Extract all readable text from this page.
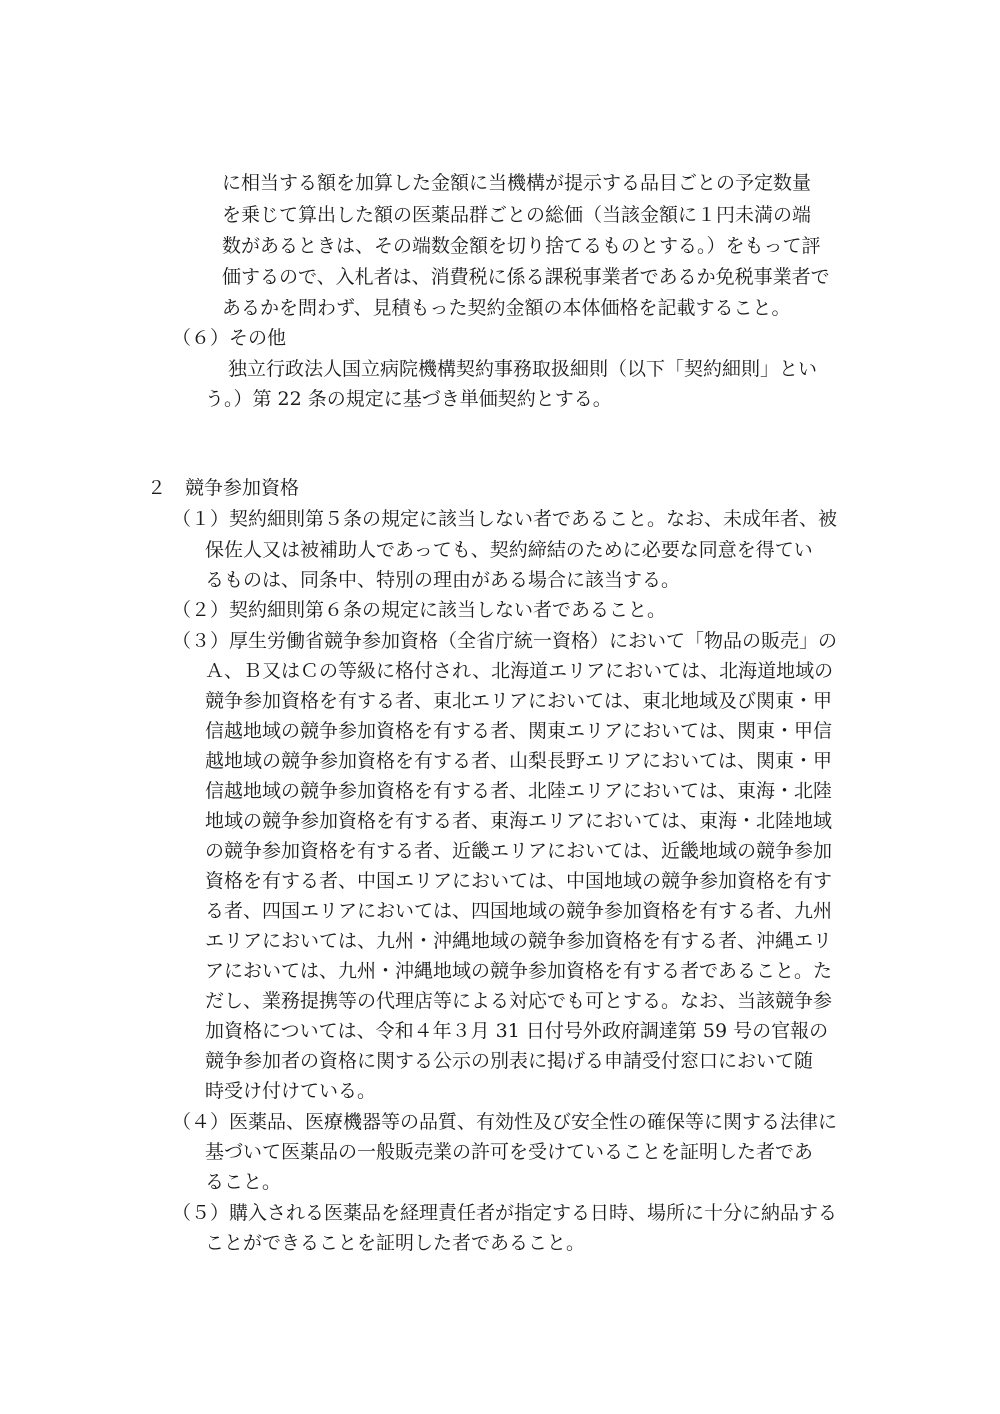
に相当する額を加算した金額に当機構が提示する品目ごとの予定数量
を乗じて算出した額の医薬品群ごとの総価（当該金額に１円未満の端
数があるときは、その端数金額を切り捨てるものとする。）をもって評
価するので、入札者は、消費税に係る課税事業者であるか免税事業者で
あるかを問わず、見積もった契約金額の本体価格を記載すること。
（６）その他
独立行政法人国立病院機構契約事務取扱細則（以下「契約細則」とい
う。）第 22 条の規定に基づき単価契約とする。
２　競争参加資格
（１）契約細則第５条の規定に該当しない者であること。なお、未成年者、被
保佐人又は被補助人であっても、契約締結のために必要な同意を得てい
るものは、同条中、特別の理由がある場合に該当する。
（２）契約細則第６条の規定に該当しない者であること。
（３）厚生労働省競争参加資格（全省庁統一資格）において「物品の販売」の
Ａ、Ｂ又はＣの等級に格付され、北海道エリアにおいては、北海道地域の
競争参加資格を有する者、東北エリアにおいては、東北地域及び関東・甲
信越地域の競争参加資格を有する者、関東エリアにおいては、関東・甲信
越地域の競争参加資格を有する者、山梨長野エリアにおいては、関東・甲
信越地域の競争参加資格を有する者、北陸エリアにおいては、東海・北陸
地域の競争参加資格を有する者、東海エリアにおいては、東海・北陸地域
の競争参加資格を有する者、近畿エリアにおいては、近畿地域の競争参加
資格を有する者、中国エリアにおいては、中国地域の競争参加資格を有す
る者、四国エリアにおいては、四国地域の競争参加資格を有する者、九州
エリアにおいては、九州・沖縄地域の競争参加資格を有する者、沖縄エリ
アにおいては、九州・沖縄地域の競争参加資格を有する者であること。た
だし、業務提携等の代理店等による対応でも可とする。なお、当該競争参
加資格については、令和４年３月 31 日付号外政府調達第 59 号の官報の
競争参加者の資格に関する公示の別表に掲げる申請受付窓口において随
時受け付けている。
（４）医薬品、医療機器等の品質、有効性及び安全性の確保等に関する法律に
基づいて医薬品の一般販売業の許可を受けていることを証明した者であ
ること。
（５）購入される医薬品を経理責任者が指定する日時、場所に十分に納品する
ことができることを証明した者であること。
